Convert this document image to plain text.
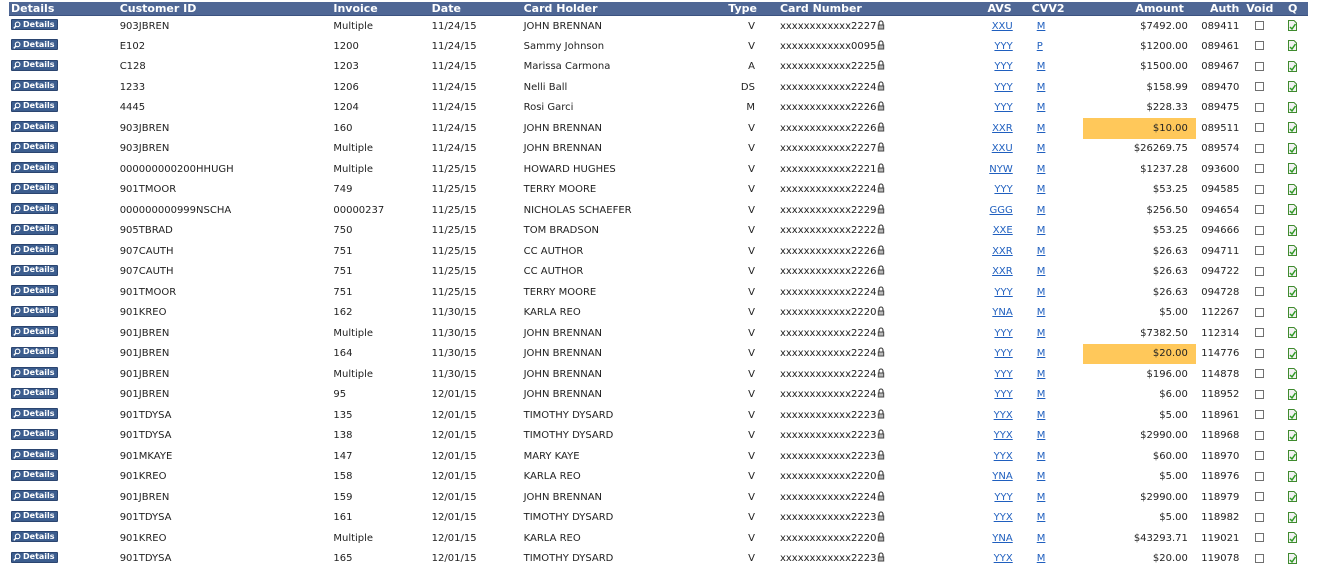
Details	Customer ID	Invoice	Date	Card Holder	Type	Card Number	AVS	CVV2	Amount	Auth	Void	Q

Details	903JBREN	Multiple	11/24/15	JOHN BRENNAN	V	xxxxxxxxxxxx2227	XXU	M	$7492.00	089411		

Details	E102	1200	11/24/15	Sammy Johnson	V	xxxxxxxxxxxx0095	YYY	P	$1200.00	089461		

Details	C128	1203	11/24/15	Marissa Carmona	A	xxxxxxxxxxxx2225	YYY	M	$1500.00	089467		

Details	1233	1206	11/24/15	Nelli Ball	DS	xxxxxxxxxxxx2224	YYY	M	$158.99	089470		

Details	4445	1204	11/24/15	Rosi Garci	M	xxxxxxxxxxxx2226	YYY	M	$228.33	089475		

Details	903JBREN	160	11/24/15	JOHN BRENNAN	V	xxxxxxxxxxxx2226	XXR	M	$10.00	089511		

Details	903JBREN	Multiple	11/24/15	JOHN BRENNAN	V	xxxxxxxxxxxx2227	XXU	M	$26269.75	089574		

Details	000000000200HHUGH	Multiple	11/25/15	HOWARD HUGHES	V	xxxxxxxxxxxx2221	NYW	M	$1237.28	093600		

Details	901TMOOR	749	11/25/15	TERRY MOORE	V	xxxxxxxxxxxx2224	YYY	M	$53.25	094585		

Details	000000000999NSCHA	00000237	11/25/15	NICHOLAS SCHAEFER	V	xxxxxxxxxxxx2229	GGG	M	$256.50	094654		

Details	905TBRAD	750	11/25/15	TOM BRADSON	V	xxxxxxxxxxxx2222	XXE	M	$53.25	094666		

Details	907CAUTH	751	11/25/15	CC AUTHOR	V	xxxxxxxxxxxx2226	XXR	M	$26.63	094711		

Details	907CAUTH	751	11/25/15	CC AUTHOR	V	xxxxxxxxxxxx2226	XXR	M	$26.63	094722		

Details	901TMOOR	751	11/25/15	TERRY MOORE	V	xxxxxxxxxxxx2224	YYY	M	$26.63	094728		

Details	901KREO	162	11/30/15	KARLA REO	V	xxxxxxxxxxxx2220	YNA	M	$5.00	112267		

Details	901JBREN	Multiple	11/30/15	JOHN BRENNAN	V	xxxxxxxxxxxx2224	YYY	M	$7382.50	112314		

Details	901JBREN	164	11/30/15	JOHN BRENNAN	V	xxxxxxxxxxxx2224	YYY	M	$20.00	114776		

Details	901JBREN	Multiple	11/30/15	JOHN BRENNAN	V	xxxxxxxxxxxx2224	YYY	M	$196.00	114878		

Details	901JBREN	95	12/01/15	JOHN BRENNAN	V	xxxxxxxxxxxx2224	YYY	M	$6.00	118952		

Details	901TDYSA	135	12/01/15	TIMOTHY DYSARD	V	xxxxxxxxxxxx2223	YYX	M	$5.00	118961		

Details	901TDYSA	138	12/01/15	TIMOTHY DYSARD	V	xxxxxxxxxxxx2223	YYX	M	$2990.00	118968		

Details	901MKAYE	147	12/01/15	MARY KAYE	V	xxxxxxxxxxxx2223	YYX	M	$60.00	118970		

Details	901KREO	158	12/01/15	KARLA REO	V	xxxxxxxxxxxx2220	YNA	M	$5.00	118976		

Details	901JBREN	159	12/01/15	JOHN BRENNAN	V	xxxxxxxxxxxx2224	YYY	M	$2990.00	118979		

Details	901TDYSA	161	12/01/15	TIMOTHY DYSARD	V	xxxxxxxxxxxx2223	YYX	M	$5.00	118982		

Details	901KREO	Multiple	12/01/15	KARLA REO	V	xxxxxxxxxxxx2220	YNA	M	$43293.71	119021		

Details	901TDYSA	165	12/01/15	TIMOTHY DYSARD	V	xxxxxxxxxxxx2223	YYX	M	$20.00	119078		
